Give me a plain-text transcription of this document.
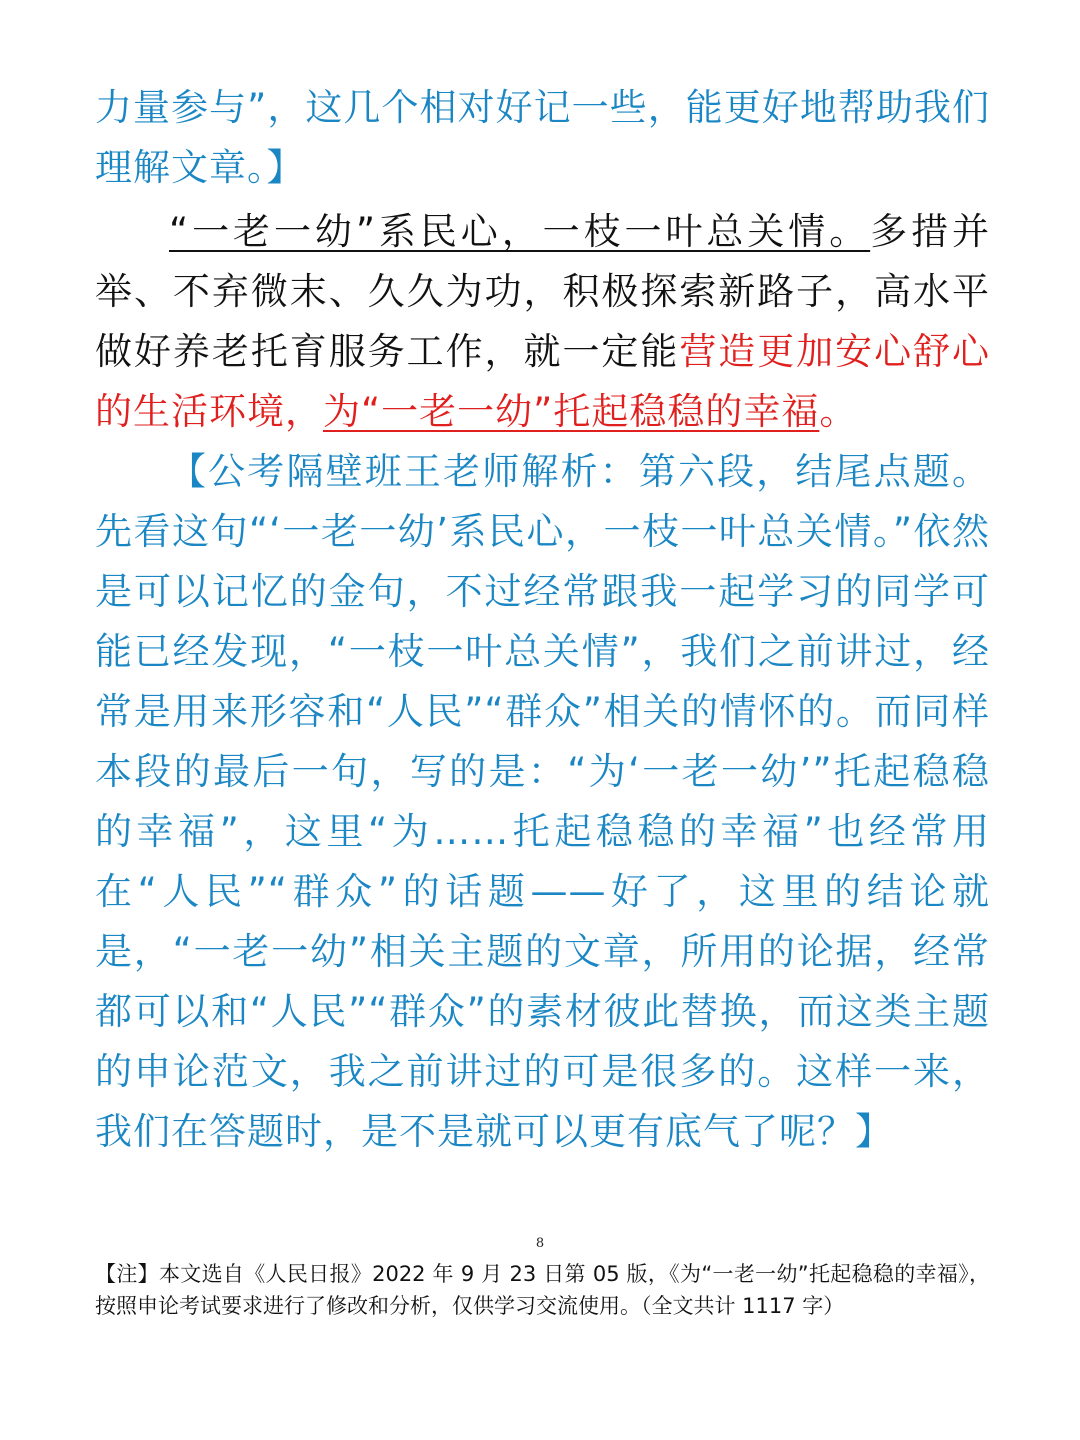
力量参与”，这几个相对好记一些，能更好地帮助我们理解文章。】

“一老一幼”系民心，一枝一叶总关情。多措并举、不弃微末、久久为功，积极探索新路子，高水平做好养老托育服务工作，就一定能营造更加安心舒心的生活环境，为“一老一幼”托起稳稳的幸福。

【公考隔壁班王老师解析：第六段，结尾点题。先看这句“‘一老一幼’系民心，一枝一叶总关情。”依然是可以记忆的金句，不过经常跟我一起学习的同学可能已经发现，“一枝一叶总关情”，我们之前讲过，经常是用来形容和“人民”“群众”相关的情怀的。而同样本段的最后一句，写的是：“为‘一老一幼’”托起稳稳的幸福”，这里“为……托起稳稳的幸福”也经常用在“人民”“群众”的话题——好了，这里的结论就是，“一老一幼”相关主题的文章，所用的论据，经常都可以和“人民”“群众”的素材彼此替换，而这类主题的申论范文，我之前讲过的可是很多的。这样一来，我们在答题时，是不是就可以更有底气了呢？】

8

【注】本文选自《人民日报》2022 年 9 月 23 日第 05 版，《为“一老一幼”托起稳稳的幸福》，按照申论考试要求进行了修改和分析，仅供学习交流使用。（全文共计 1117 字）
